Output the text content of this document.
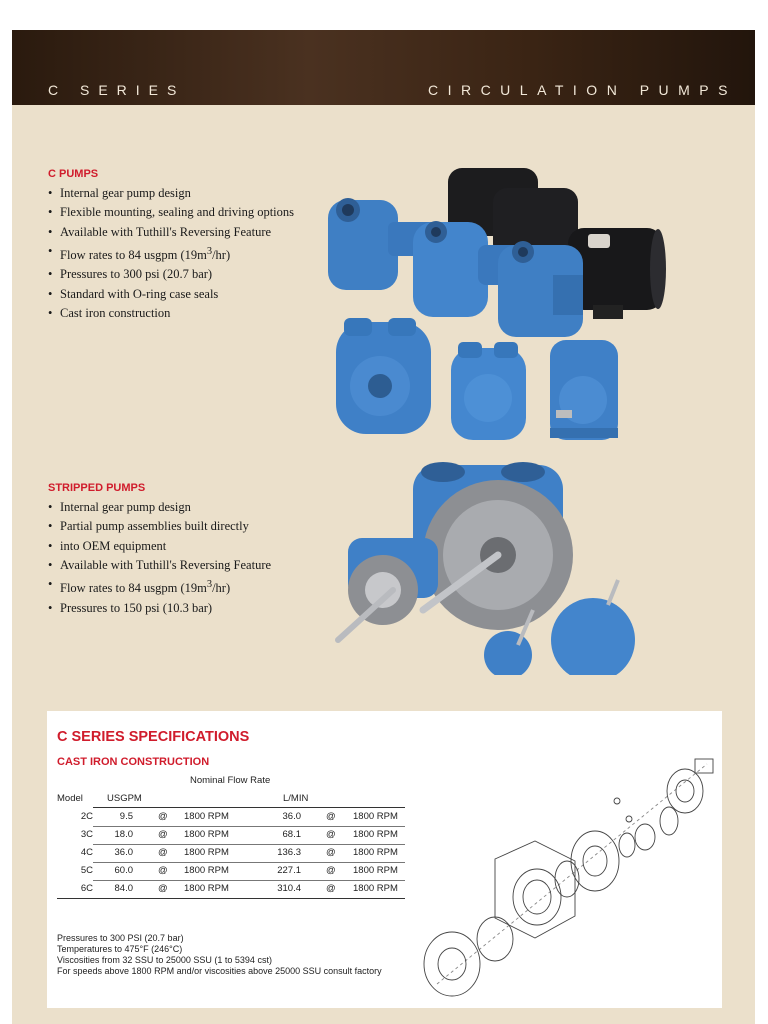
C SERIES	CIRCULATION PUMPS
C PUMPS
• Internal gear pump design
• Flexible mounting, sealing and driving options
• Available with Tuthill's Reversing Feature
• Flow rates to 84 usgpm $(19m^3/hr)$
• Pressures to 300 psi (20.7 bar)
• Standard with O-ring case seals
• Cast iron construction
STRIPPED PUMPS
• Internal gear pump design
• Partial pump assemblies built directly
• into OEM equipment
• Available with Tuthill's Reversing Feature
• Flow rates to 84 usgpm $(19m^3/hr)$
• Pressures to 150 psi (10.3 bar)
C SERIES SPECIFICATIONS
CAST IRON CONSTRUCTION
Nominal Flow Rate
Model	USGPM	L/MIN
2C	9.5	@ 1800 RPM	36.0	@ 1800 RPM
3C	18.0	@ 1800 RPM	68.1	@ 1800 RPM
4C	36.0	@ 1800 RPM	136.3	@ 1800 RPM
5C	60.0	@ 1800 RPM	227.1	@ 1800 RPM
6C	84.0	@ 1800 RPM	310.4	@ 1800 RPM
Pressures to 300 PSI (20.7 bar)
Temperatures to 475°F (246°C)
Viscosities from 32 SSU to 25000 SSU (1 to 5394 cst)
For speeds above 1800 RPM and/or viscosities above 25000 SSU consult factory
